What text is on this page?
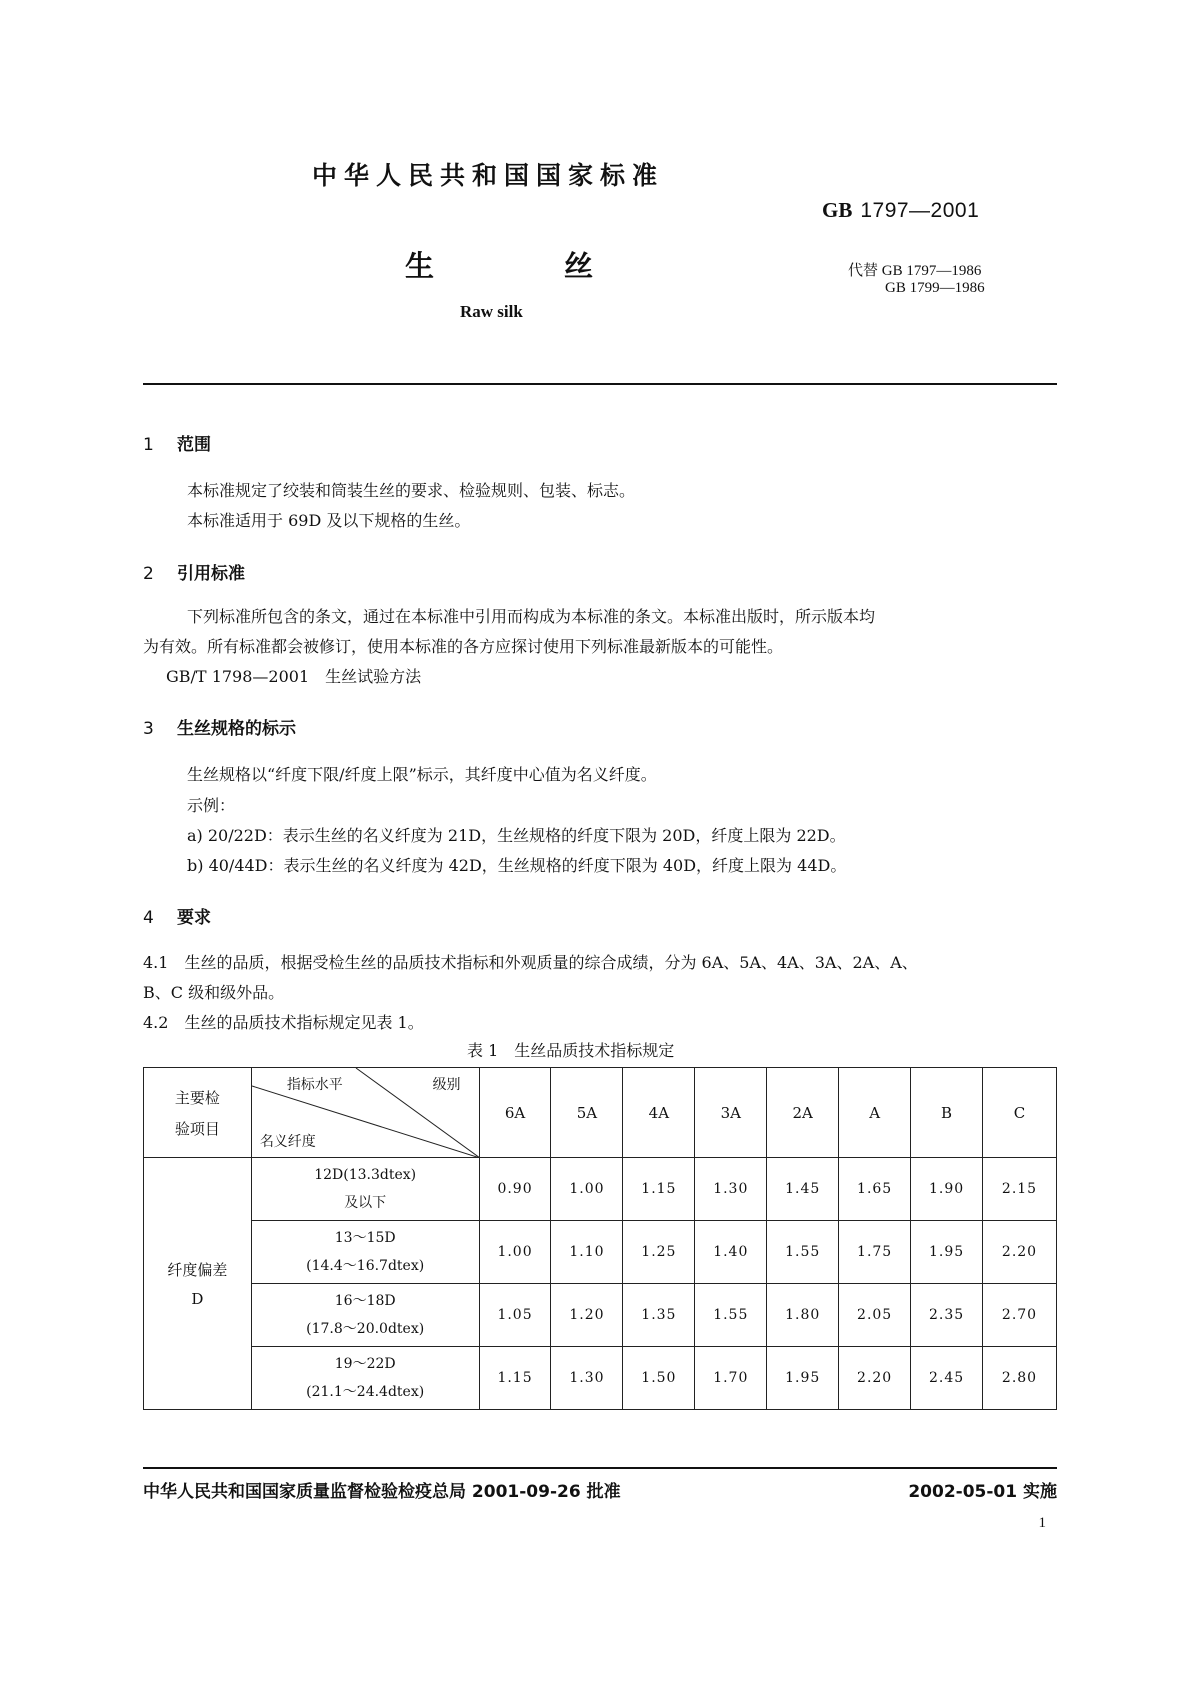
中华人民共和国国家标准
GB 1797—2001
生	丝	代替 GB 1797—1986
GB 1799—1986
Raw silk
1 范围
本标准规定了绞装和筒装生丝的要求、检验规则、包装、标志。
本标准适用于 69D 及以下规格的生丝。
2 引用标准
下列标准所包含的条文，通过在本标准中引用而构成为本标准的条文。本标准出版时，所示版本均
为有效。所有标准都会被修订，使用本标准的各方应探讨使用下列标准最新版本的可能性。
GB/T 1798—2001　生丝试验方法
3 生丝规格的标示
生丝规格以“纤度下限/纤度上限”标示，其纤度中心值为名义纤度。
示例：
a) 20/22D：表示生丝的名义纤度为 21D，生丝规格的纤度下限为 20D，纤度上限为 22D。
b) 40/44D：表示生丝的名义纤度为 42D，生丝规格的纤度下限为 40D，纤度上限为 44D。
4 要求
4.1　生丝的品质，根据受检生丝的品质技术指标和外观质量的综合成绩，分为 6A、5A、4A、3A、2A、A、
B、C 级和级外品。
4.2　生丝的品质技术指标规定见表 1。
表 1　生丝品质技术指标规定
主要检
验项目

指标水平	级别
名义纤度
	6A	5A	4A	3A	2A	A	B	C

纤度偏差
D

12D(13.3dtex)
及以下
	0.90	1.00	1.15	1.30	1.45	1.65	1.90	2.15

	13～15D
(14.4～16.7dtex)	1.00	1.10	1.25	1.40	1.55	1.75	1.95	2.20

	16～18D
(17.8～20.0dtex)	1.05	1.20	1.35	1.55	1.80	2.05	2.35	2.70

	19～22D
(21.1～24.4dtex)	1.15	1.30	1.50	1.70	1.95	2.20	2.45	2.80
中华人民共和国国家质量监督检验检疫总局 2001-09-26 批准	2002-05-01 实施
1
